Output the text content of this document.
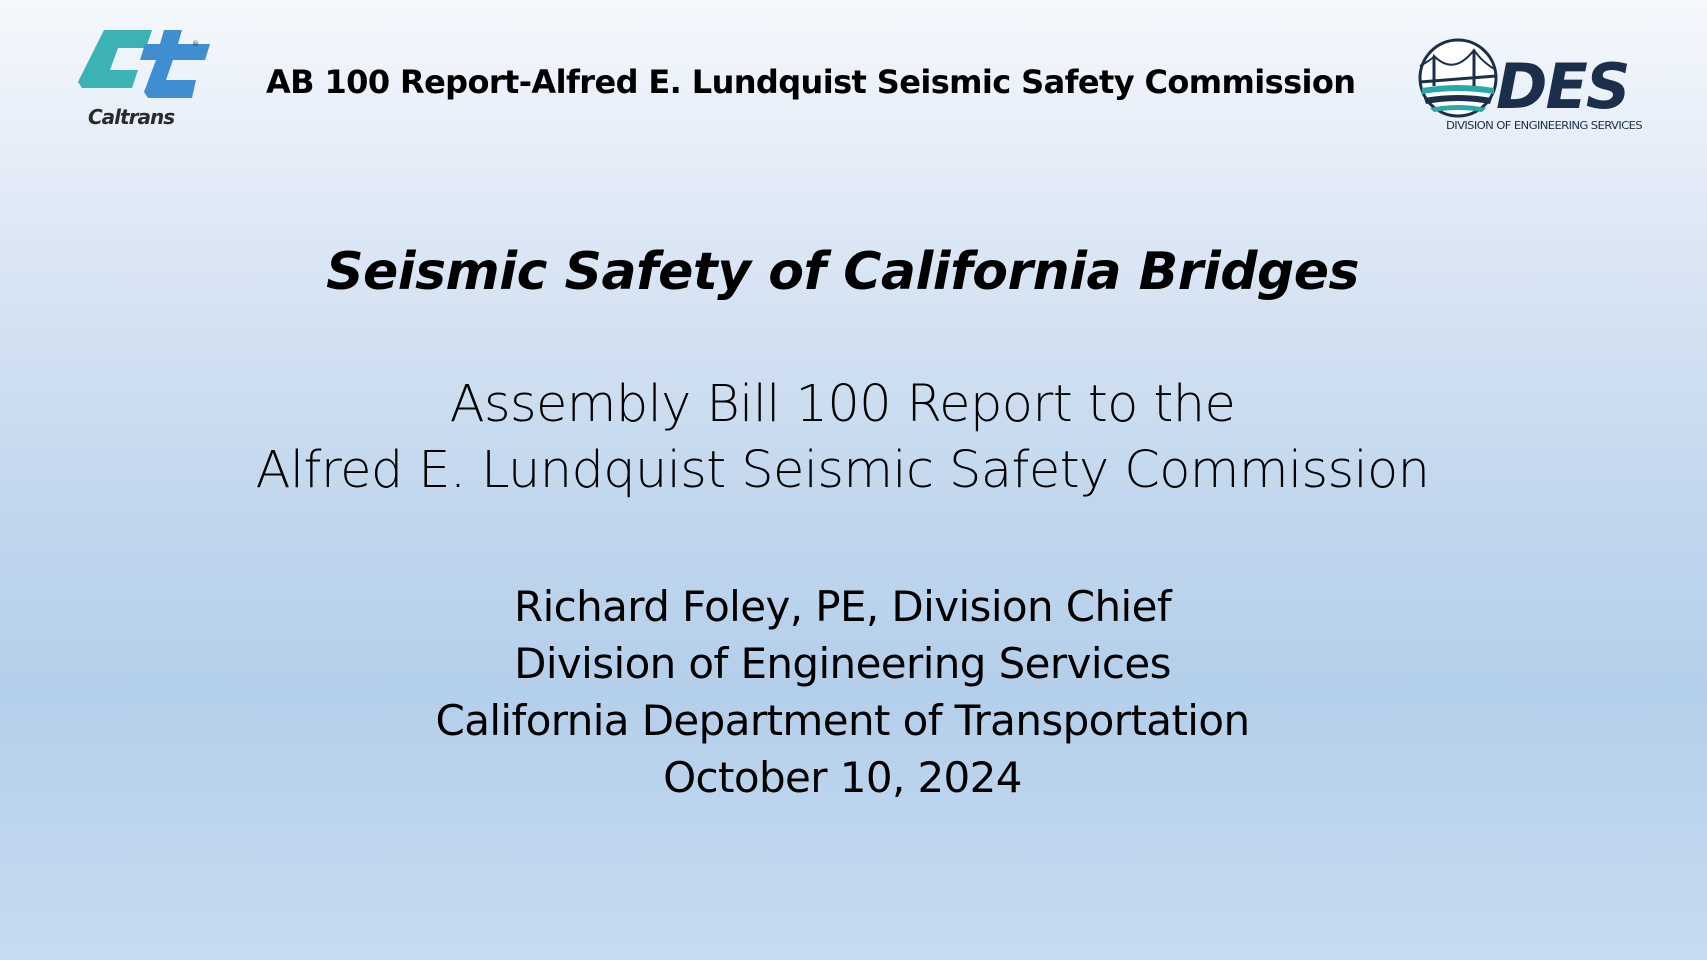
®
Caltrans
AB 100 Report-Alfred E. Lundquist Seismic Safety Commission DES
DIVISION OF ENGINEERING SERVICES
Seismic Safety of California Bridges
Assembly Bill 100 Report to the
Alfred E. Lundquist Seismic Safety Commission
Richard Foley, PE, Division Chief
Division of Engineering Services
California Department of Transportation
October 10, 2024
